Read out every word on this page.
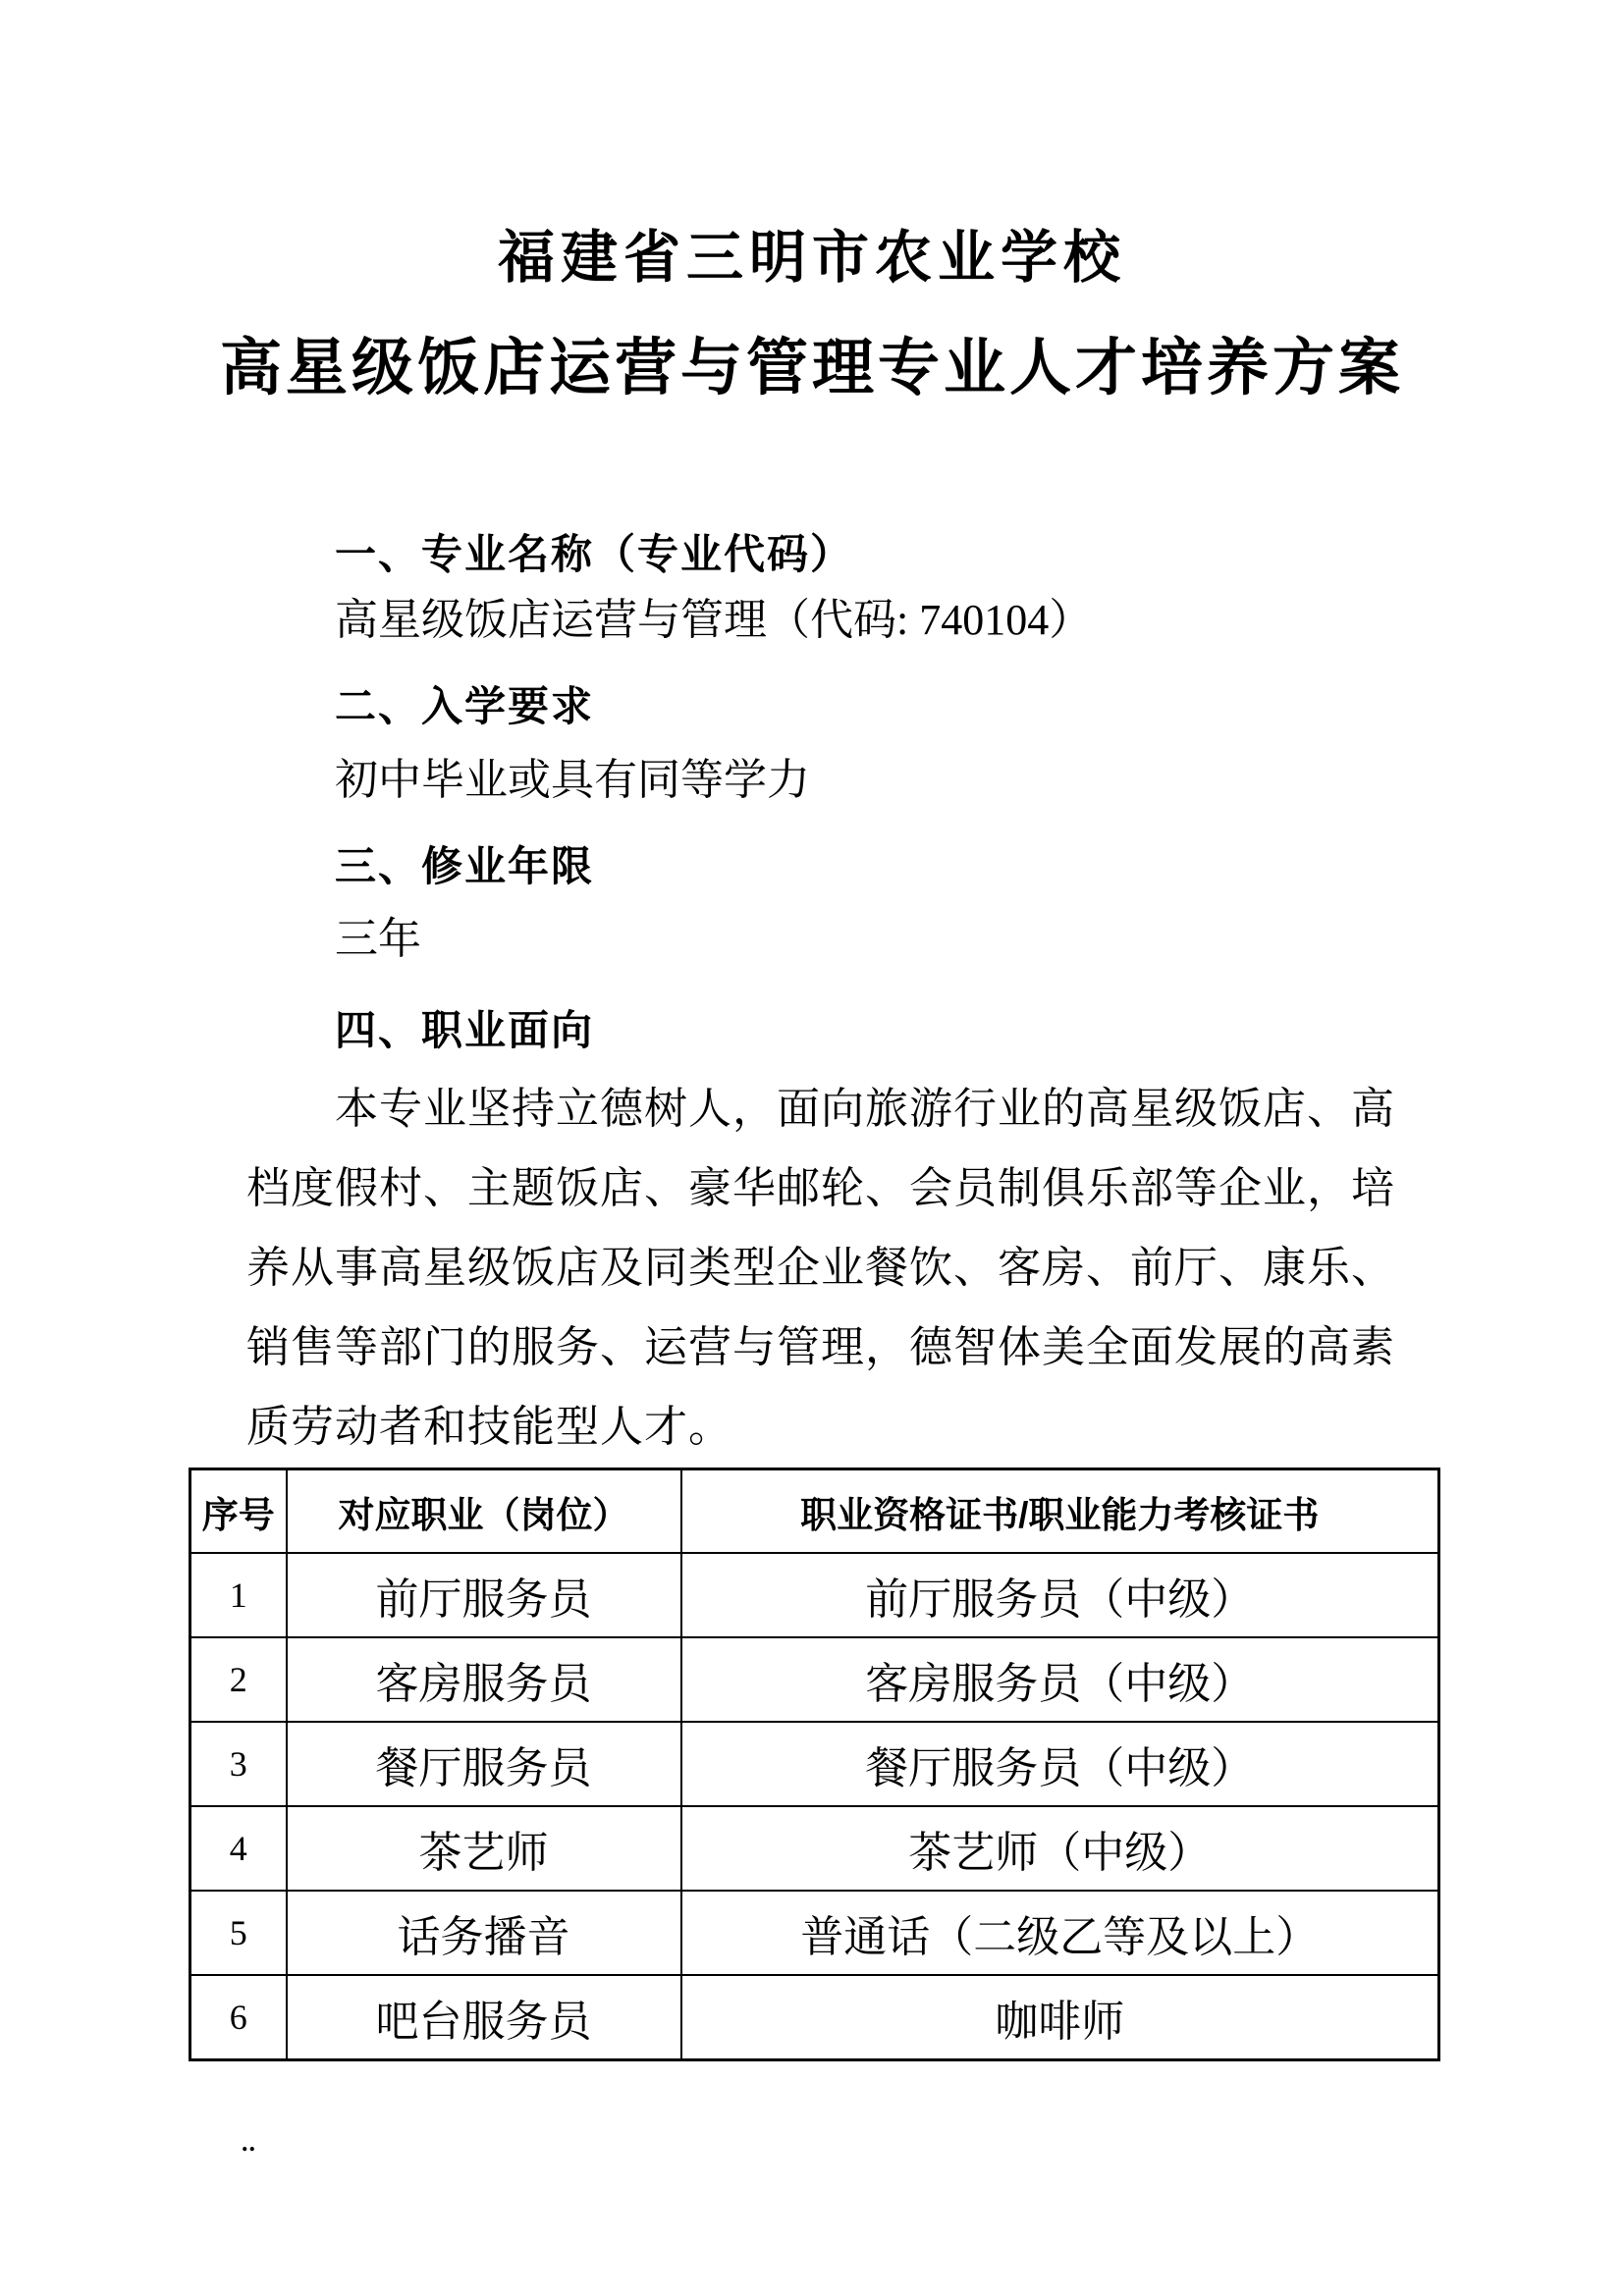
福建省三明市农业学校
高星级饭店运营与管理专业人才培养方案
一、专业名称（专业代码）
高星级饭店运营与管理（代码: 740104）
二、入学要求
初中毕业或具有同等学力
三、修业年限
三年
四、职业面向
本专业坚持立德树人，面向旅游行业的高星级饭店、高
档度假村、主题饭店、豪华邮轮、会员制俱乐部等企业，培
养从事高星级饭店及同类型企业餐饮、客房、前厅、康乐、
销售等部门的服务、运营与管理，德智体美全面发展的高素
质劳动者和技能型人才。
序号	对应职业（岗位）	职业资格证书/职业能力考核证书
1	前厅服务员	前厅服务员（中级）
2	客房服务员	客房服务员（中级）
3	餐厅服务员	餐厅服务员（中级）
4	茶艺师	茶艺师（中级）
5	话务播音	普通话（二级乙等及以上）
6	吧台服务员	咖啡师
..
